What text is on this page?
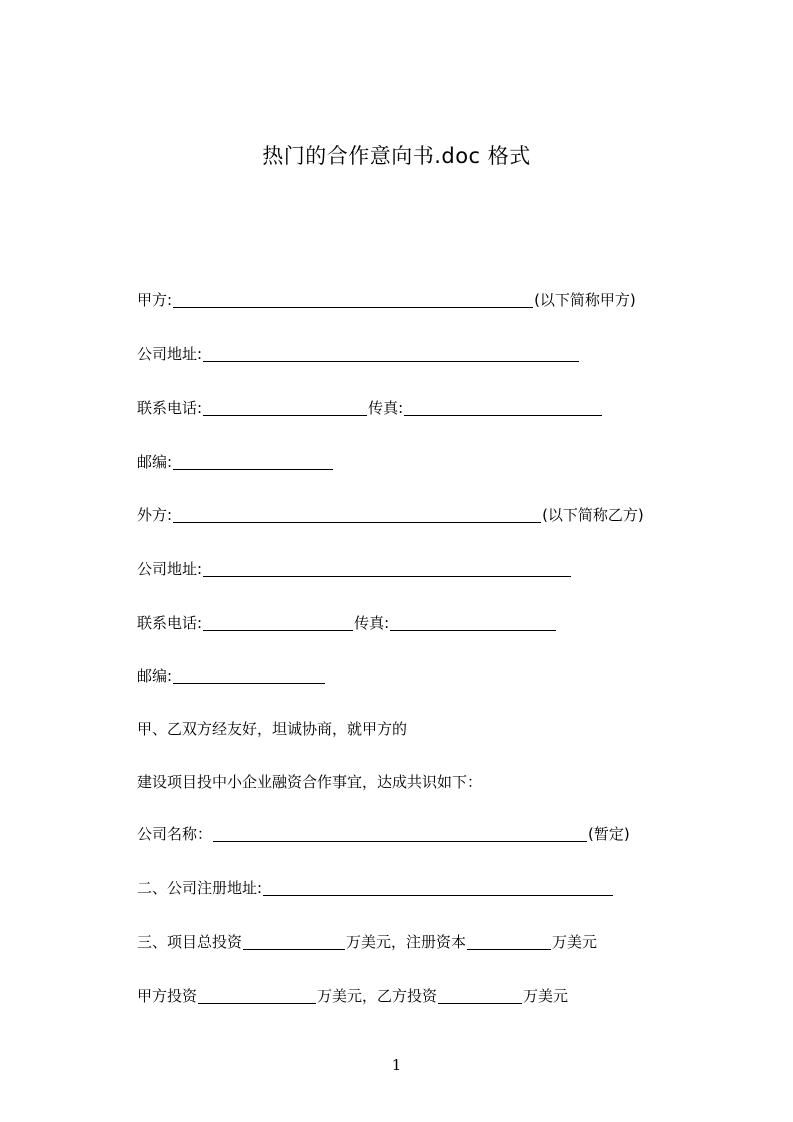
热门的合作意向书.doc 格式
甲方:	(以下简称甲方)
公司地址:
联系电话:	传真:
邮编:
外方:	(以下简称乙方)
公司地址:
联系电话:	传真:
邮编:
甲、乙双方经友好，坦诚协商，就甲方的
建设项目投中小企业融资合作事宜，达成共识如下：
公司名称：	(暂定)
二、公司注册地址:
三、项目总投资	万美元，注册资本	万美元
甲方投资	万美元，乙方投资	万美元
1
